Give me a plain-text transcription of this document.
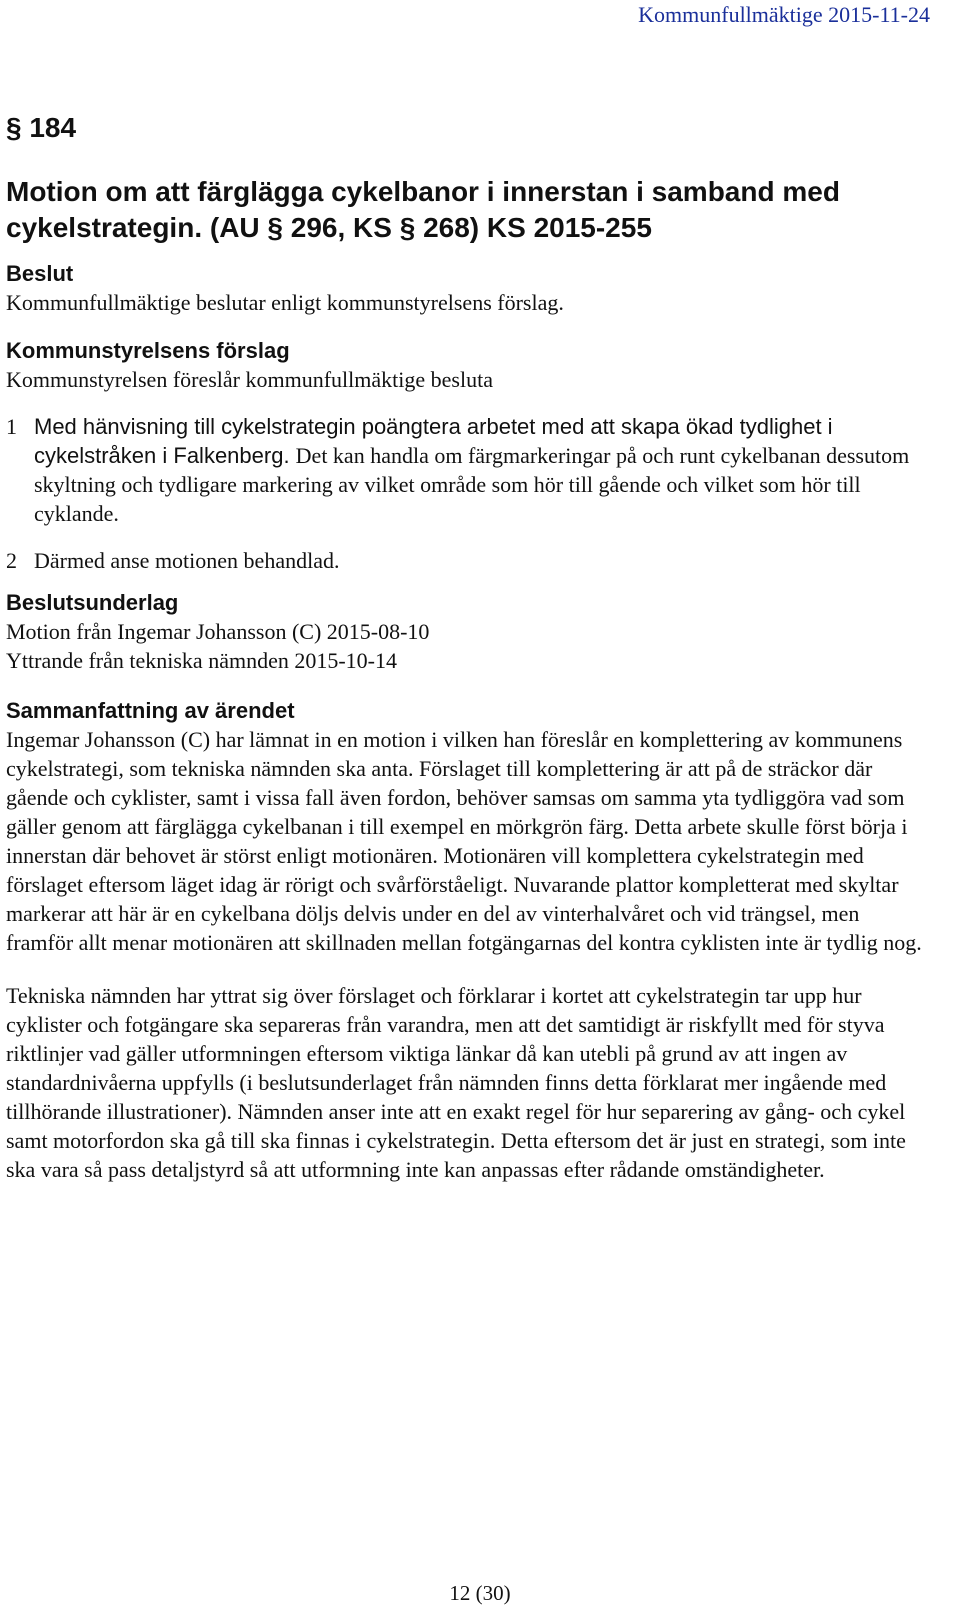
Kommunfullmäktige 2015-11-24
§ 184
Motion om att färglägga cykelbanor i innerstan i samband med
cykelstrategin. (AU § 296, KS § 268) KS 2015-255
Beslut

Kommunfullmäktige beslutar enligt kommunstyrelsens förslag.

Kommunstyrelsens förslag

Kommunstyrelsen föreslår kommunfullmäktige besluta

1 Med hänvisning till cykelstrategin poängtera arbetet med att skapa ökad tydlighet i cykelstråken i Falkenberg. Det kan handla om färgmarkeringar på och runt cykelbanan dessutom skyltning och tydligare markering av vilket område som hör till gående och vilket som hör till cyklande.

2 Därmed anse motionen behandlad.

Beslutsunderlag

Motion från Ingemar Johansson (C) 2015-08-10

Yttrande från tekniska nämnden 2015-10-14

Sammanfattning av ärendet

Ingemar Johansson (C) har lämnat in en motion i vilken han föreslår en komplettering av kommunens cykelstrategi, som tekniska nämnden ska anta. Förslaget till komplettering är att på de sträckor där gående och cyklister, samt i vissa fall även fordon, behöver samsas om samma yta tydliggöra vad som gäller genom att färglägga cykelbanan i till exempel en mörkgrön färg. Detta arbete skulle först börja i innerstan där behovet är störst enligt motionären. Motionären vill komplettera cykelstrategin med förslaget eftersom läget idag är rörigt och svårförståeligt. Nuvarande plattor kompletterat med skyltar markerar att här är en cykelbana döljs delvis under en del av vinterhalvåret och vid trängsel, men framför allt menar motionären att skillnaden mellan fotgängarnas del kontra cyklisten inte är tydlig nog.

Tekniska nämnden har yttrat sig över förslaget och förklarar i kortet att cykelstrategin tar upp hur cyklister och fotgängare ska separeras från varandra, men att det samtidigt är riskfyllt med för styva riktlinjer vad gäller utformningen eftersom viktiga länkar då kan utebli på grund av att ingen av standardnivåerna uppfylls (i beslutsunderlaget från nämnden finns detta förklarat mer ingående med tillhörande illustrationer). Nämnden anser inte att en exakt regel för hur separering av gång- och cykel samt motorfordon ska gå till ska finnas i cykelstrategin. Detta eftersom det är just en strategi, som inte ska vara så pass detaljstyrd så att utformning inte kan anpassas efter rådande omständigheter.

12 (30)
